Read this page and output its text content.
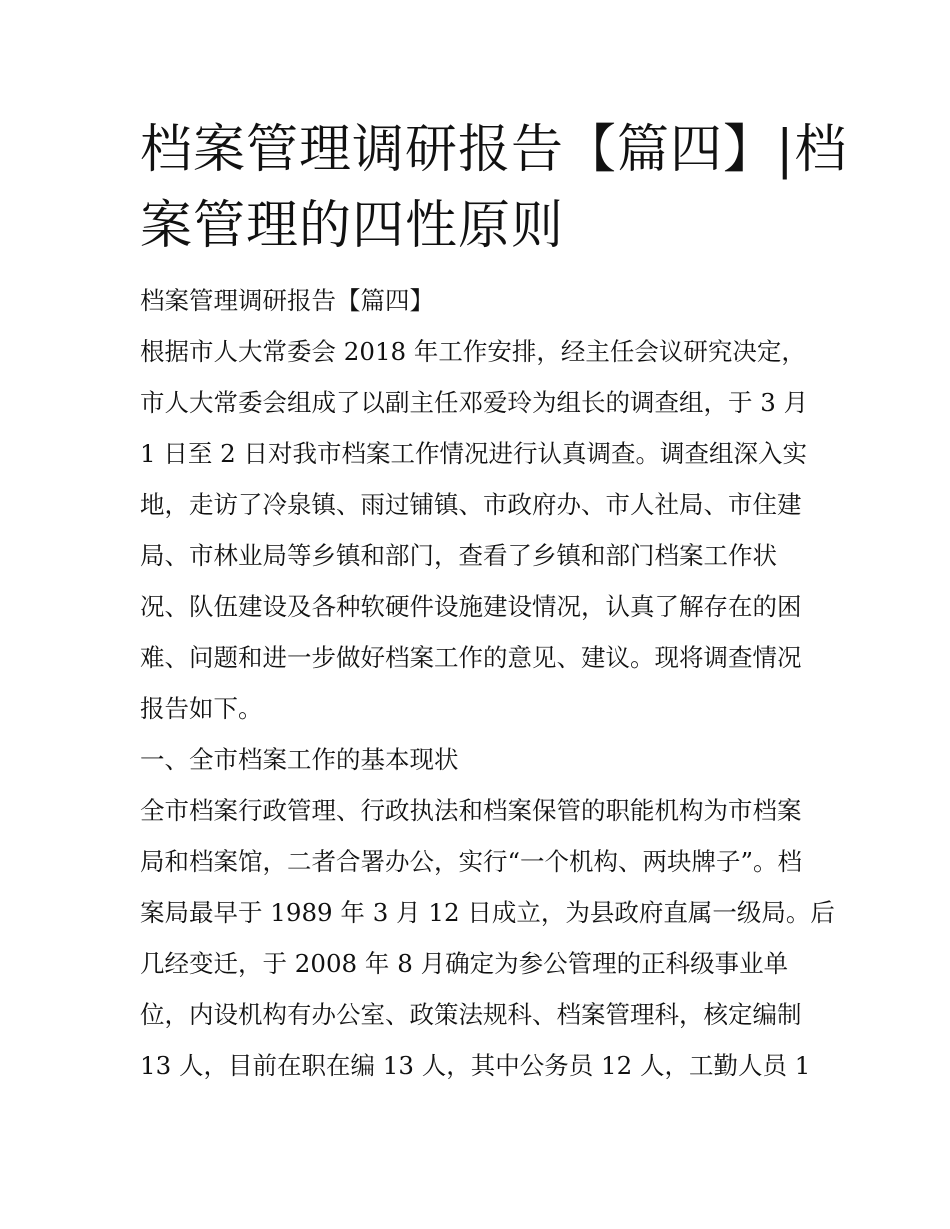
档案管理调研报告【篇四】|档
案管理的四性原则
档案管理调研报告【篇四】
根据市人大常委会 2018 年工作安排，经主任会议研究决定，
市人大常委会组成了以副主任邓爱玲为组长的调查组，于 3 月
1 日至 2 日对我市档案工作情况进行认真调查。调查组深入实
地，走访了冷泉镇、雨过铺镇、市政府办、市人社局、市住建
局、市林业局等乡镇和部门，查看了乡镇和部门档案工作状
况、队伍建设及各种软硬件设施建设情况，认真了解存在的困
难、问题和进一步做好档案工作的意见、建议。现将调查情况
报告如下。
一、全市档案工作的基本现状
全市档案行政管理、行政执法和档案保管的职能机构为市档案
局和档案馆，二者合署办公，实行“一个机构、两块牌子”。档
案局最早于 1989 年 3 月 12 日成立，为县政府直属一级局。后
几经变迁，于 2008 年 8 月确定为参公管理的正科级事业单
位，内设机构有办公室、政策法规科、档案管理科，核定编制
13 人，目前在职在编 13 人，其中公务员 12 人，工勤人员 1
